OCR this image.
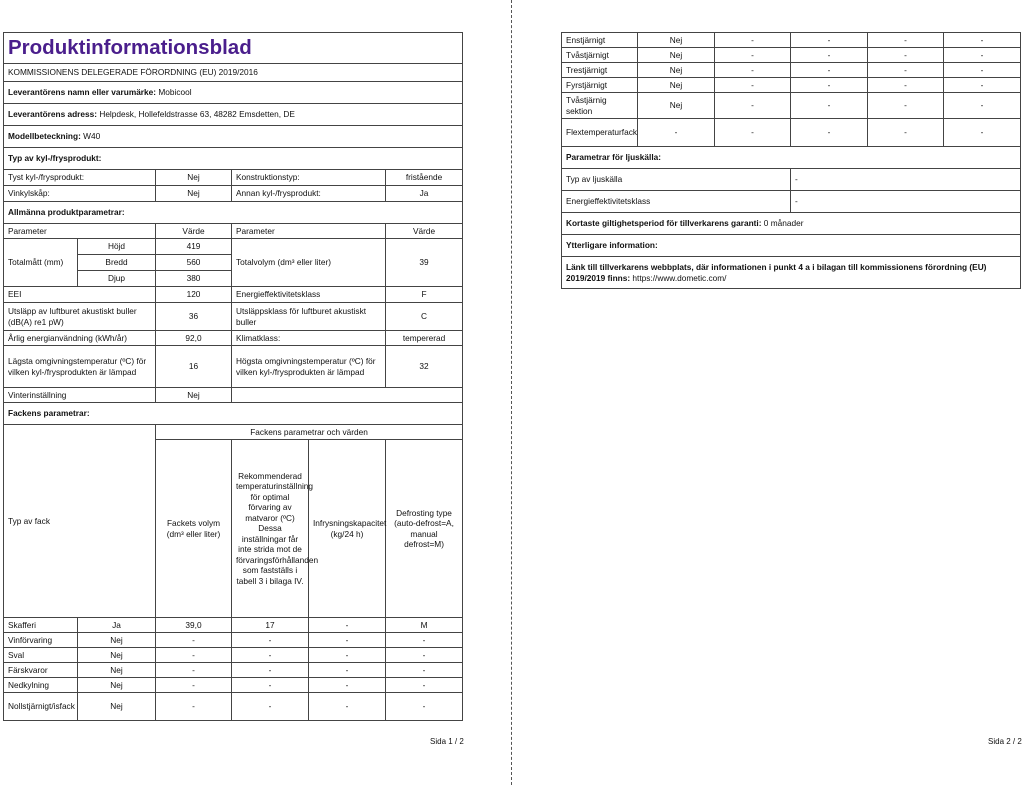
Produktinformationsblad					
KOMMISSIONENS DELEGERADE FÖRORDNING (EU) 2019/2016					
Leverantörens namn eller varumärke: Mobicool					
Leverantörens adress: Helpdesk, Hollefeldstrasse 63, 48282 Emsdetten, DE					
Modellbeteckning: W40					
Typ av kyl-/frysprodukt:					
Tyst kyl-/frysprodukt:		Nej	Konstruktionstyp:		fristående
Vinkylskåp:		Nej	Annan kyl-/frysprodukt:		Ja
Allmänna produktparametrar:					
Parameter		Värde	Parameter		Värde
Totalmått (mm)	Höjd	419	Totalvolym (dm³ eller liter)		39
	Bredd	560			
	Djup	380			
EEI		120	Energieffektivitetsklass		F
Utsläpp av luftburet akustiskt buller (dB(A) re1 pW)		36	Utsläppsklass för luftburet akustiskt buller		C
Årlig energianvändning (kWh/år)		92,0	Klimatklass:		tempererad
Lägsta omgivningstemperatur (ºC) för vilken kyl-/frysprodukten är lämpad		16	Högsta omgivningstemperatur (ºC) för vilken kyl-/frysprodukten är lämpad		32
Vinterinställning		Nej			
Fackens parametrar:					
Typ av fack		Fackens parametrar och värden			
		Fackets volym (dm³ eller liter)	Rekommenderad temperaturinställning för optimal förvaring av matvaror (ºC) Dessa inställningar får inte strida mot de förvaringsförhållanden som fastställs i tabell 3 i bilaga IV.	Infrysningskapacitet (kg/24 h)	Defrosting type (auto-defrost=A, manual defrost=M)
Skafferi	Ja	39,0	17	-	M
Vinförvaring	Nej	-	-	-	-
Sval	Nej	-	-	-	-
Färskvaror	Nej	-	-	-	-
Nedkylning	Nej	-	-	-	-
Nollstjärnigt/isfack	Nej	-	-	-	-
Sida 1 / 2
Enstjärnigt	Nej	-	-	-	-
Tvåstjärnigt	Nej	-	-	-	-
Trestjärnigt	Nej	-	-	-	-
Fyrstjärnigt	Nej	-	-	-	-
Tvåstjärnig sektion	Nej	-	-	-	-
Flextemperaturfack	-	-	-	-	-
Parametrar för ljuskälla:					
Typ av ljuskälla			-		
Energieffektivitetsklass			-		
Kortaste giltighetsperiod för tillverkarens garanti: 0 månader					
Ytterligare information:					
Länk till tillverkarens webbplats, där informationen i punkt 4 a i bilagan till kommissionens förordning (EU) 2019/2019 finns: https://www.dometic.com/					
Sida 2 / 2
